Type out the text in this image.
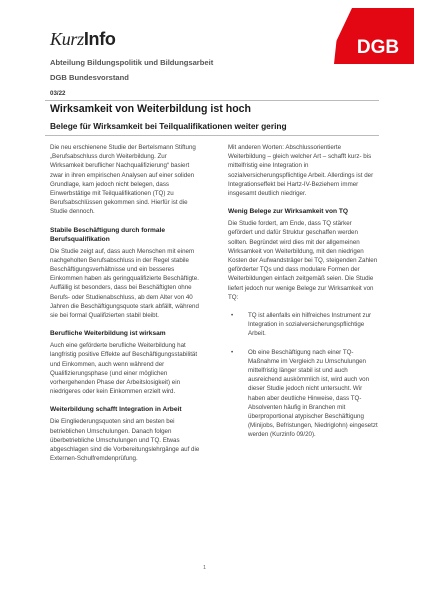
KurzInfo	DGB
Abteilung Bildungspolitik und Bildungsarbeit
DGB Bundesvorstand
03/22
Wirksamkeit von Weiterbildung ist hoch
Belege für Wirksamkeit bei Teilqualifikationen weiter gering

Die neu erschienene Studie der Bertelsmann Stiftung „Berufsabschluss durch Weiterbildung. Zur Wirksamkeit beruflicher Nachqualifizierung“ basiert zwar in ihren empirischen Analysen auf einer soliden Grundlage, kam jedoch nicht belegen, dass Einwerbstätige mit Teilqualifikationen (TQ) zu Berufsabschlüssen gekommen sind. Hierfür ist die Studie dennoch.

Stabile Beschäftigung durch formale Berufsqualifikation

Die Studie zeigt auf, dass auch Menschen mit einem nachgeholten Berufsabschluss in der Regel stabile Beschäftigungsverhältnisse und ein besseres Einkommen haben als geringqualifizierte Beschäftigte. Auffällig ist besonders, dass bei Beschäftigten ohne Berufs- oder Studienabschluss, ab dem Alter von 40 Jahren die Beschäftigungsquote stark abfällt, während sie bei formal Qualifizierten stabil bleibt.

Berufliche Weiterbildung ist wirksam

Auch eine geförderte berufliche Weiterbildung hat langfristig positive Effekte auf Beschäftigungsstabilität und Einkommen, auch wenn während der Qualifizierungsphase (und einer möglichen vorhergehenden Phase der Arbeitslosigkeit) ein niedrigeres oder kein Einkommen erzielt wird.

Weiterbildung schafft Integration in Arbeit

Die Eingliederungsquoten sind am besten bei betrieblichen Umschulungen. Danach folgen überbetriebliche Umschulungen und TQ. Etwas abgeschlagen sind die Vorbereitungslehrgänge auf die Externen-Schulfremdenprüfung.

Mit anderen Worten: Abschlussorientierte Weiterbildung – gleich welcher Art – schafft kurz- bis mittelfristig eine Integration in sozialversicherungspflichtige Arbeit. Allerdings ist der Integrationseffekt bei Hartz-IV-Beziehern immer insgesamt deutlich niedriger.

Wenig Belege zur Wirksamkeit von TQ

Die Studie fordert, am Ende, dass TQ stärker gefördert und dafür Struktur geschaffen werden sollten. Begründet wird dies mit der allgemeinen Wirksamkeit von Weiterbildung, mit den niedrigen Kosten der Aufwandsträger bei TQ, steigenden Zahlen geförderter TQs und dass modulare Formen der Weiterbildungen einfach zeitgemäß seien. Die Studie liefert jedoch nur wenige Belege zur Wirksamkeit von TQ:

• TQ ist allenfalls ein hilfreiches Instrument zur Integration in sozialversicherungspflichtige Arbeit.
• Ob eine Beschäftigung nach einer TQ-Maßnahme im Vergleich zu Umschulungen mittelfristig länger stabil ist und auch ausreichend auskömmlich ist, wird auch von dieser Studie jedoch nicht untersucht. Wir haben aber deutliche Hinweise, dass TQ-Absolventen häufig in Branchen mit überproportional atypischer Beschäftigung (Minijobs, Befristungen, Niedriglohn) eingesetzt werden (Kurzinfo 09/20).
1
